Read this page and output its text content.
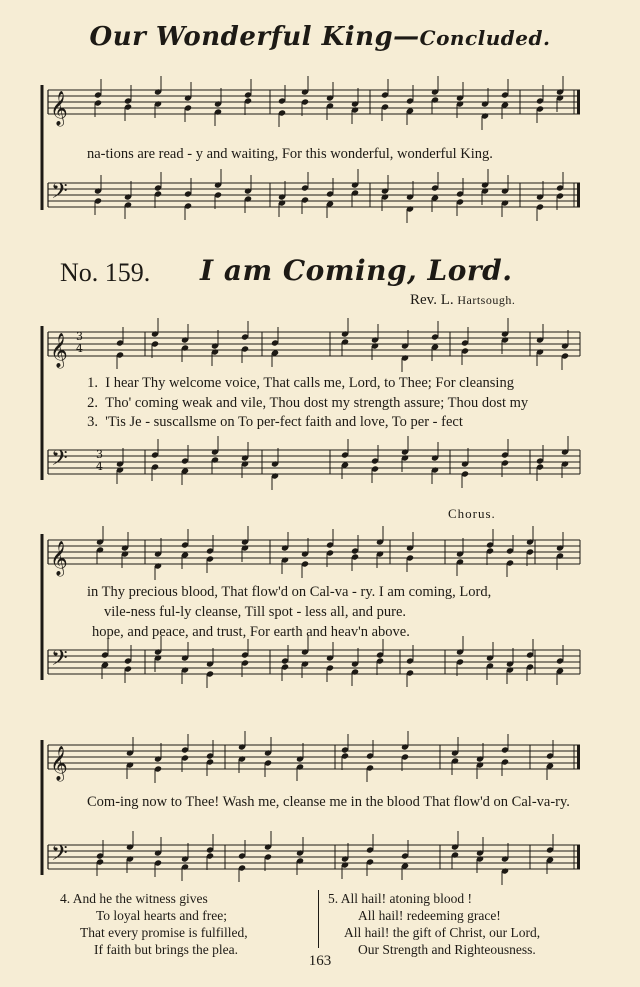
𝄞
𝄢
𝄞 3
4
𝄢	3
4
𝄞
𝄢
𝄞
𝄢
Our Wonderful King—Concluded.
na-tions are read - y and waiting, For this wonderful, wonderful King.
No. 159. I am Coming, Lord.
Rev. L. Hartsough.
1. I hear Thy welcome voice, That calls me, Lord, to Thee; For cleansing
2. Tho' coming weak and vile, Thou dost my strength assure; Thou dost my
3. 'Tis Je - suscallsme on To per-fect faith and love, To per - fect
Chorus.
in Thy precious blood, That flow'd on Cal-va - ry. I am coming, Lord,
vile-ness ful-ly cleanse, Till spot - less all, and pure.
hope, and peace, and trust, For earth and heav'n above.
Com-ing now to Thee! Wash me, cleanse me in the blood That flow'd on Cal-va-ry.
4. And he the witness gives
To loyal hearts and free;
That every promise is fulfilled,
If faith but brings the plea.
5. All hail! atoning blood !
All hail! redeeming grace!
All hail! the gift of Christ, our Lord,
Our Strength and Righteousness.
163
